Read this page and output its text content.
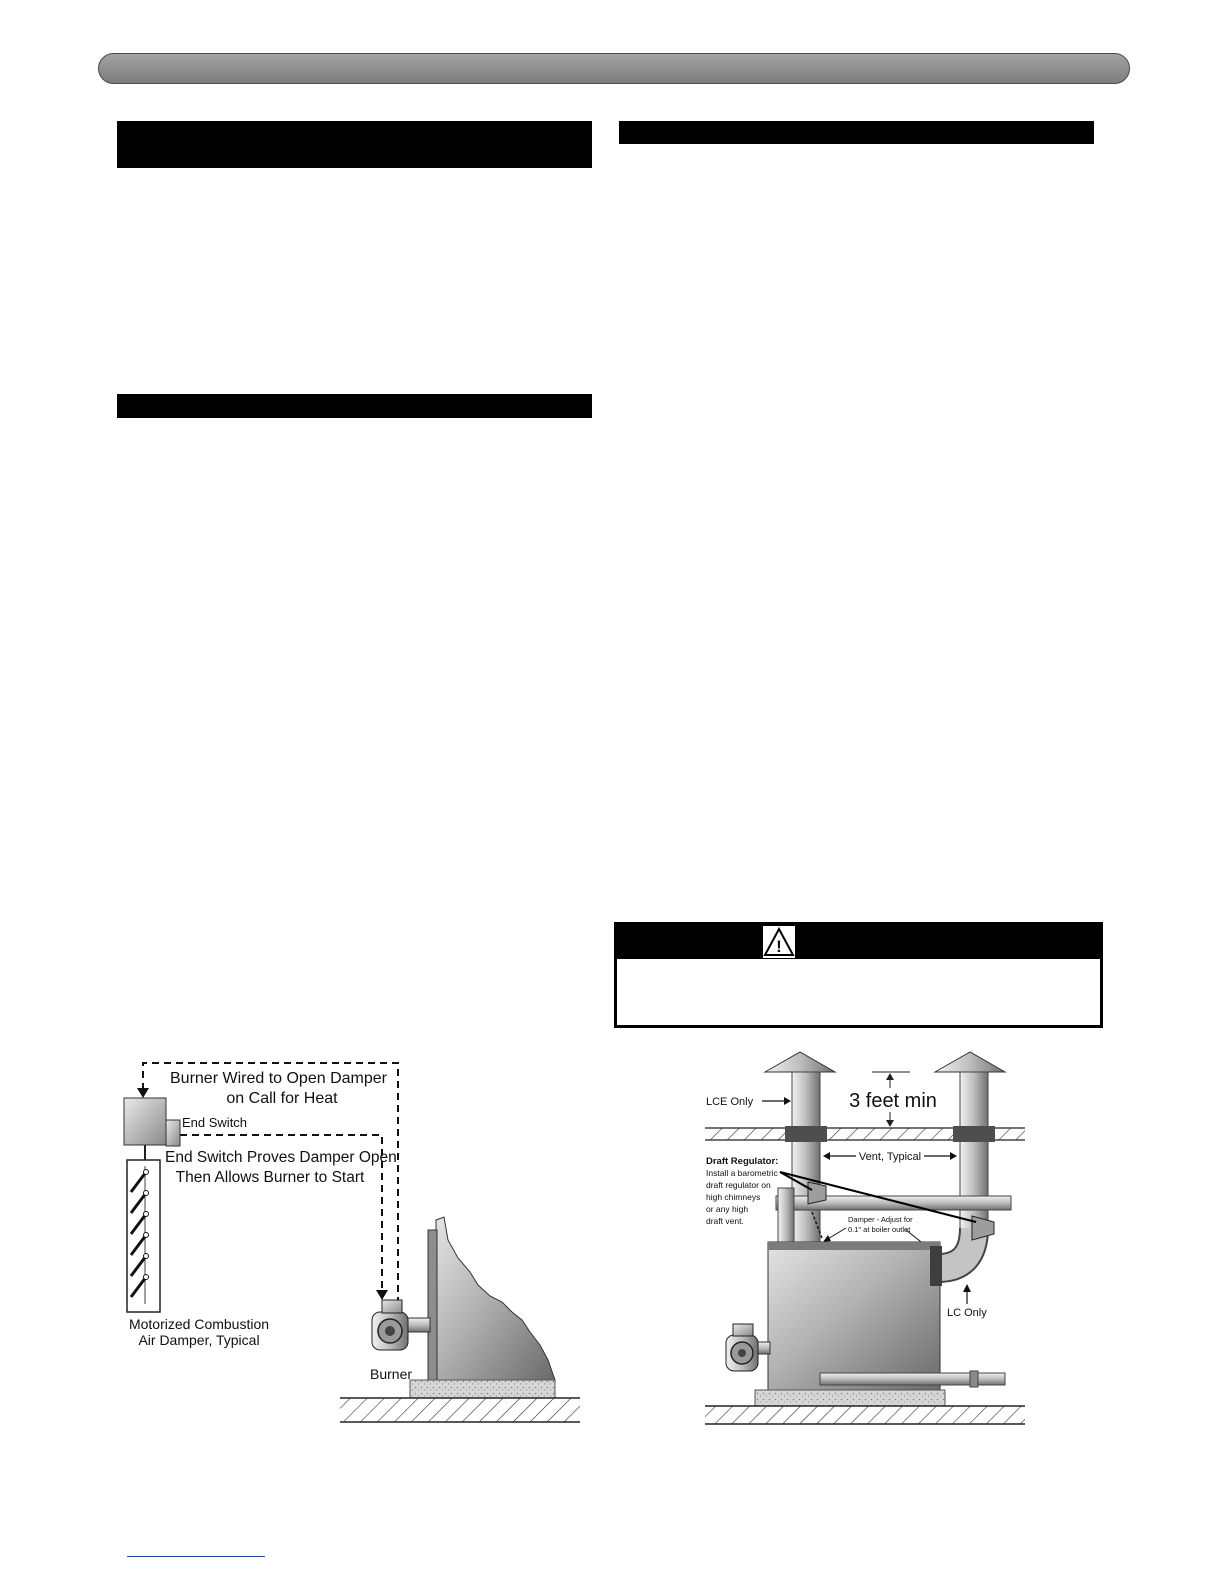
!
Burner Wired to Open Damper
on Call for Heat
End Switch
End Switch Proves Damper Open
Then Allows Burner to Start
Motorized Combustion
Air Damper, Typical
Burner
3 feet min
LCE Only
Vent, Typical
LC Only
Draft Regulator:
Install a barometric
draft regulator on
high chimneys
or any high
draft vent.	Damper - Adjust for
0.1" at boiler outlet
